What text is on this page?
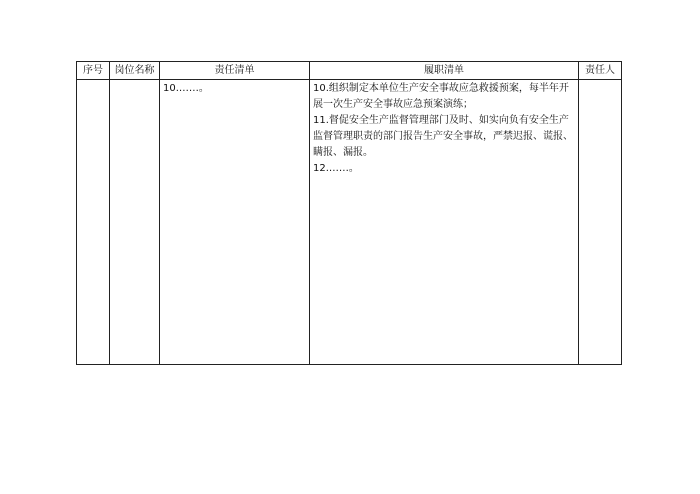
序号	岗位名称	责任清单	履职清单	责任人

		10.……。	10.组织制定本单位生产安全事故应急救援预案，每半年开展一次生产安全事故应急预案演练；
11.督促安全生产监督管理部门及时、如实向负有安全生产监督管理职责的部门报告生产安全事故，严禁迟报、谎报、瞒报、漏报。
12.……。	
